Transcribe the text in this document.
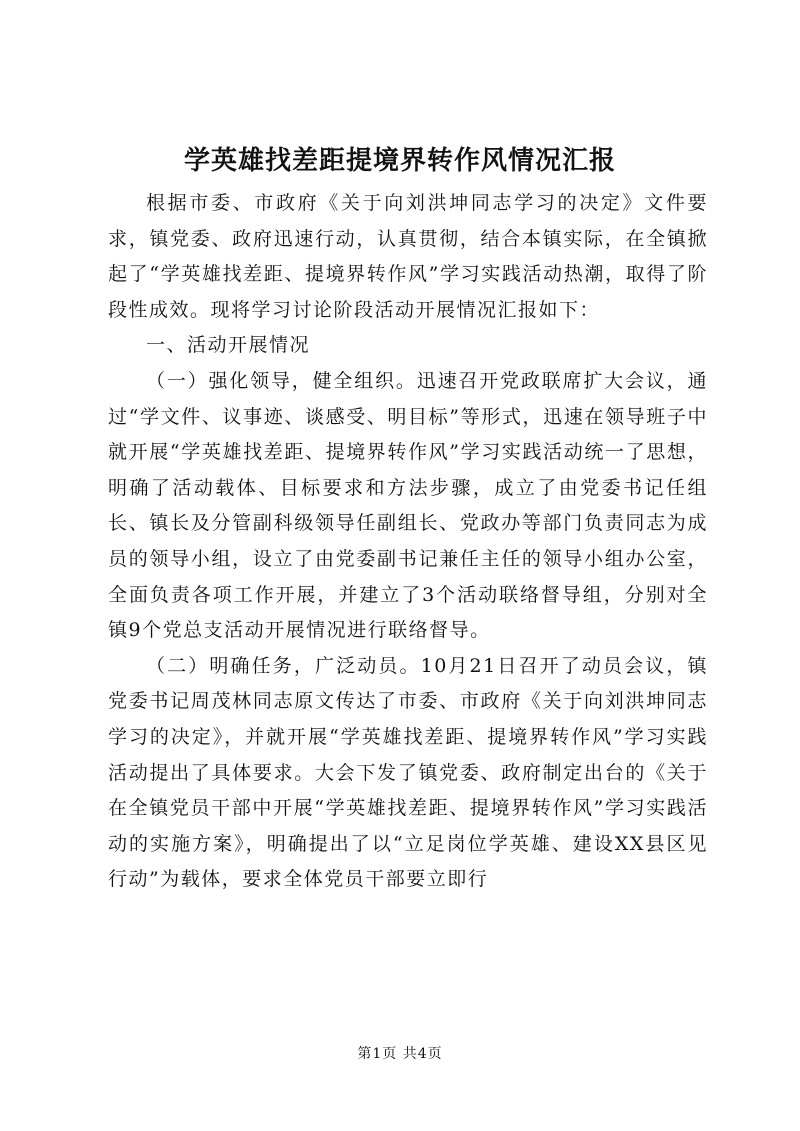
学英雄找差距提境界转作风情况汇报

根据市委、市政府《关于向刘洪坤同志学习的决定》文件要求，镇党委、政府迅速行动，认真贯彻，结合本镇实际，在全镇掀起了“学英雄找差距、提境界转作风”学习实践活动热潮，取得了阶段性成效。现将学习讨论阶段活动开展情况汇报如下：

一、活动开展情况

（一）强化领导，健全组织。迅速召开党政联席扩大会议，通过“学文件、议事迹、谈感受、明目标”等形式，迅速在领导班子中就开展“学英雄找差距、提境界转作风”学习实践活动统一了思想，明确了活动载体、目标要求和方法步骤，成立了由党委书记任组长、镇长及分管副科级领导任副组长、党政办等部门负责同志为成员的领导小组，设立了由党委副书记兼任主任的领导小组办公室，全面负责各项工作开展，并建立了3个活动联络督导组，分别对全镇9个党总支活动开展情况进行联络督导。

（二）明确任务，广泛动员。10月21日召开了动员会议，镇党委书记周茂林同志原文传达了市委、市政府《关于向刘洪坤同志学习的决定》，并就开展“学英雄找差距、提境界转作风”学习实践活动提出了具体要求。大会下发了镇党委、政府制定出台的《关于在全镇党员干部中开展“学英雄找差距、提境界转作风”学习实践活动的实施方案》，明确提出了以“立足岗位学英雄、建设XX县区见行动”为载体，要求全体党员干部要立即行

第1页 共4页
